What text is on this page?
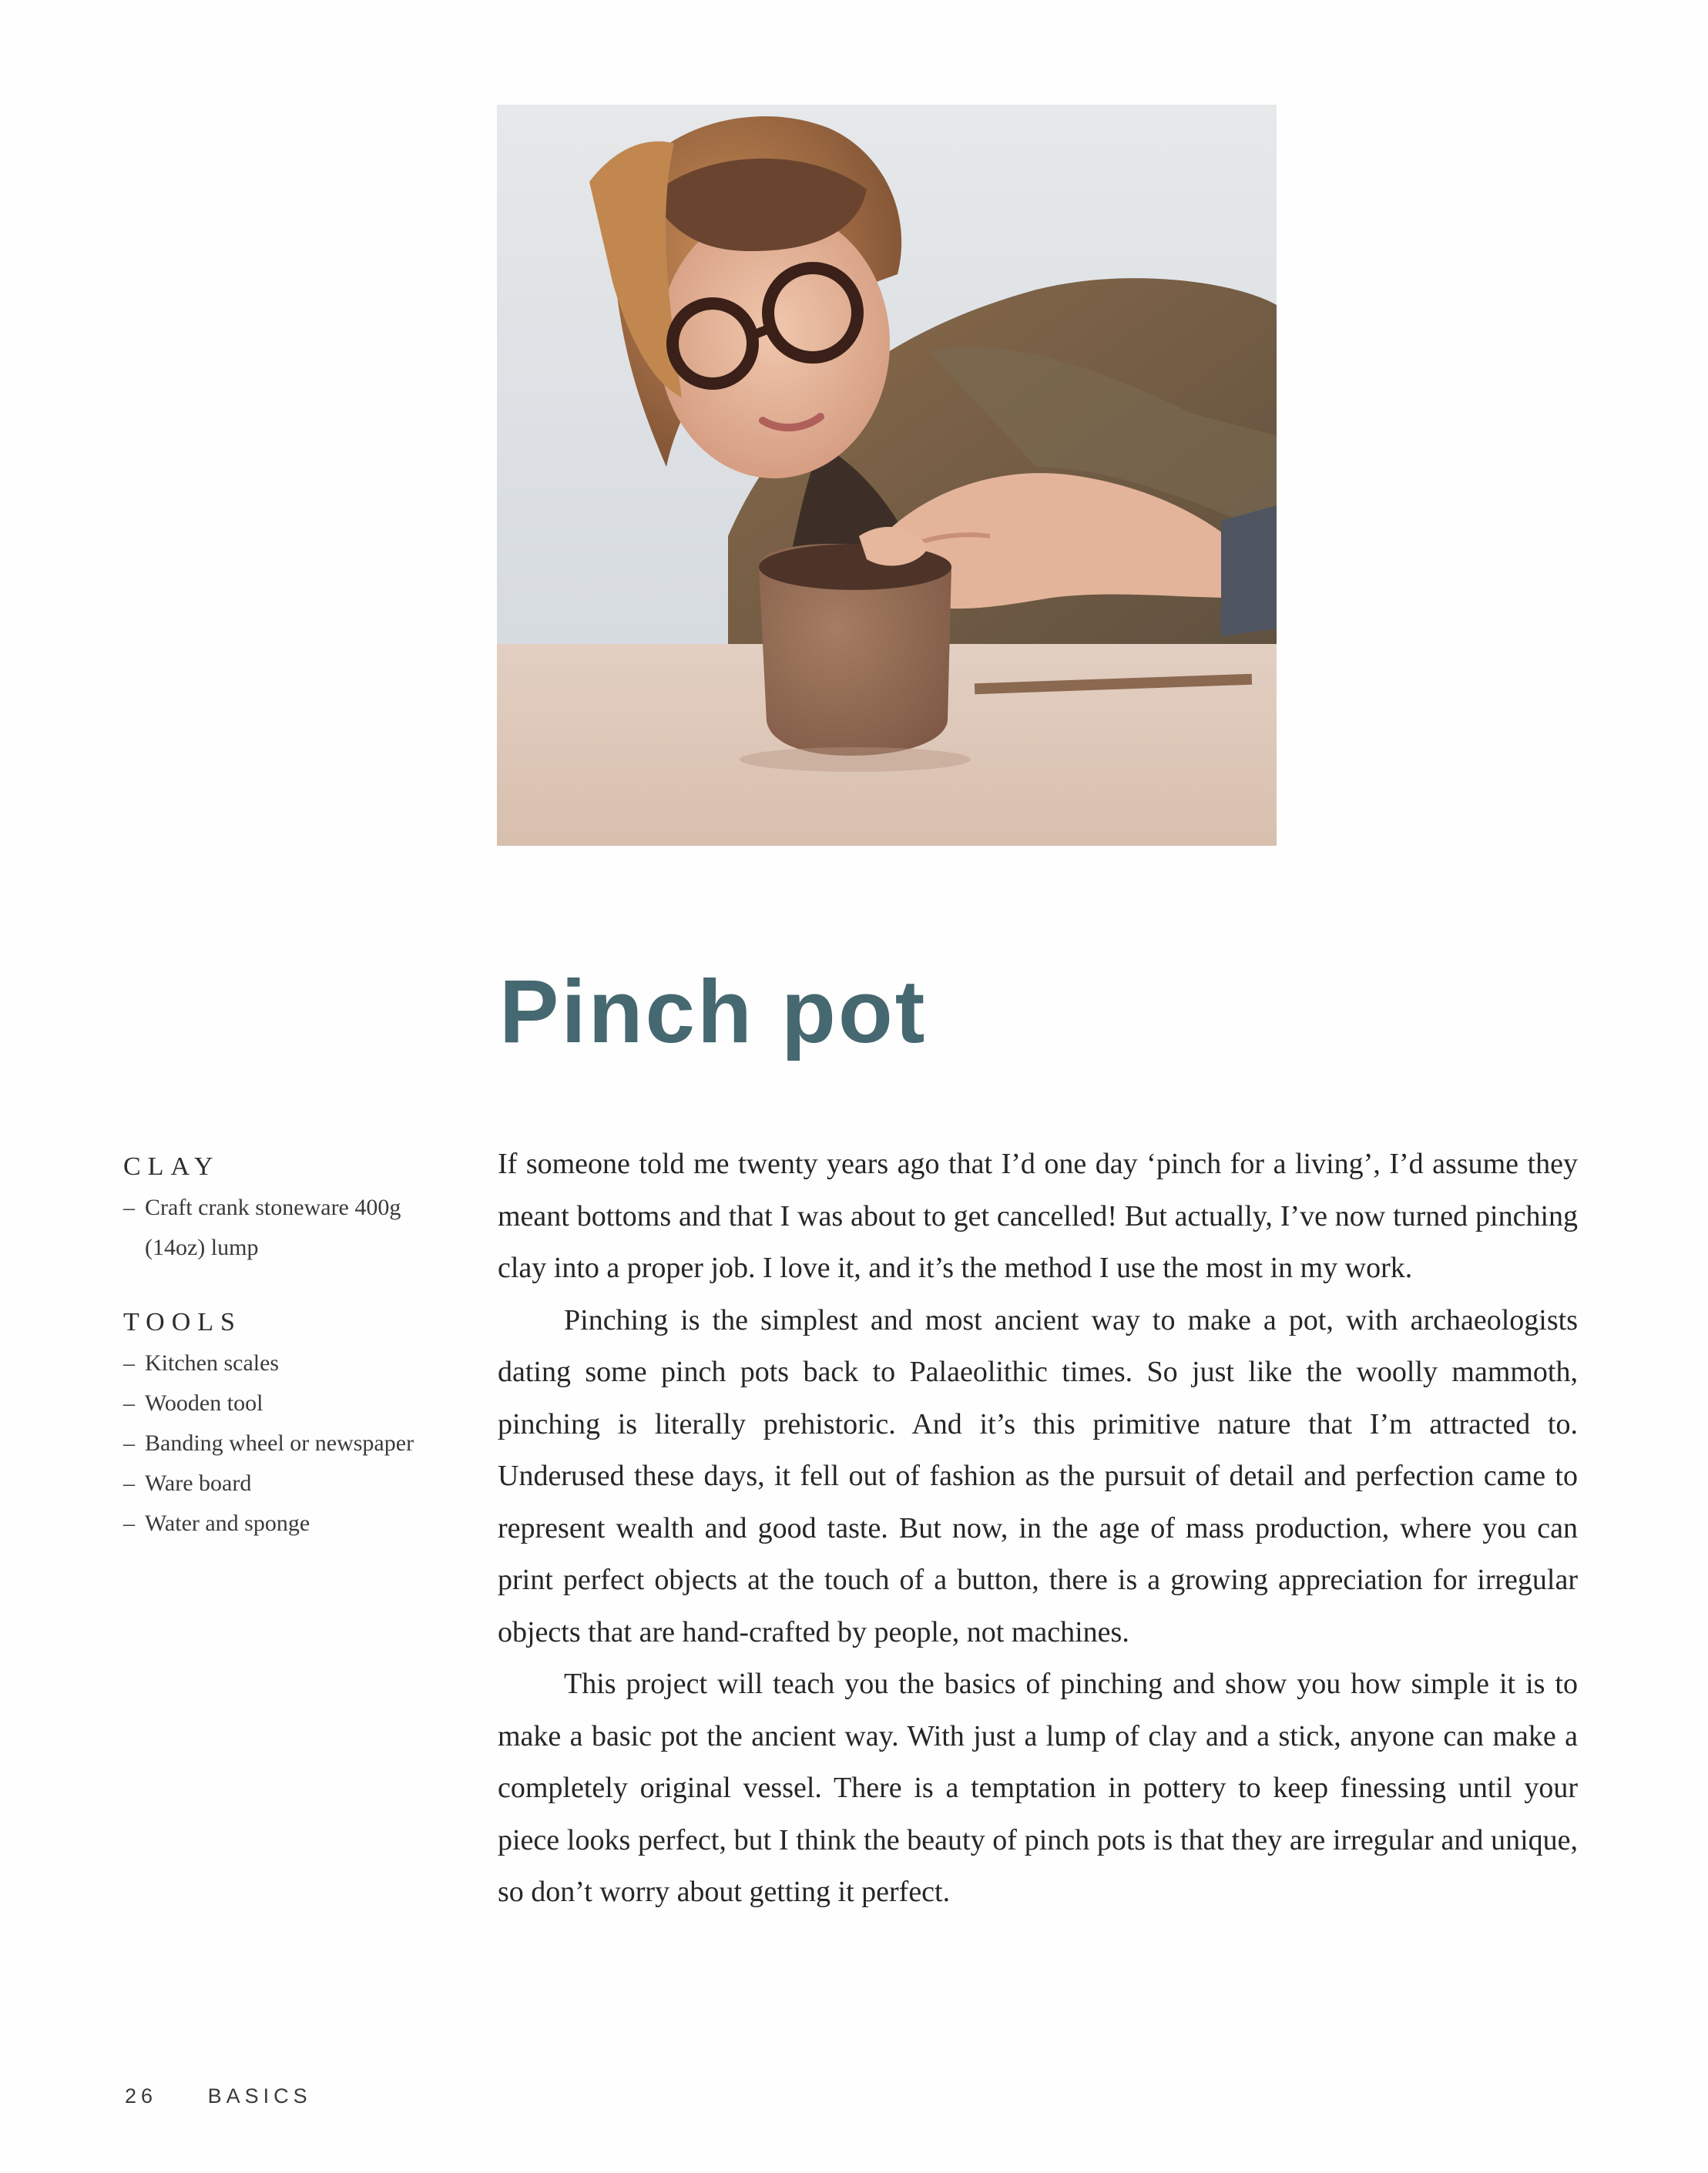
Pinch pot
CLAY
– Craft crank stoneware 400g (14oz) lump
TOOLS
– Kitchen scales
– Wooden tool
– Banding wheel or newspaper
– Ware board
– Water and sponge

If someone told me twenty years ago that I’d one day ‘pinch for a living’, I’d assume they meant bottoms and that I was about to get cancelled! But actually, I’ve now turned pinching clay into a proper job. I love it, and it’s the method I use the most in my work.

Pinching is the simplest and most ancient way to make a pot, with archaeologists dating some pinch pots back to Palaeolithic times. So just like the woolly mammoth, pinching is literally prehistoric. And it’s this primitive nature that I’m attracted to. Underused these days, it fell out of fashion as the pursuit of detail and perfection came to represent wealth and good taste. But now, in the age of mass production, where you can print perfect objects at the touch of a button, there is a growing appreciation for irregular objects that are hand-crafted by people, not machines.

This project will teach you the basics of pinching and show you how simple it is to make a basic pot the ancient way. With just a lump of clay and a stick, anyone can make a completely original vessel. There is a temptation in pottery to keep finessing until your piece looks perfect, but I think the beauty of pinch pots is that they are irregular and unique, so don’t worry about getting it perfect.

26 BASICS
